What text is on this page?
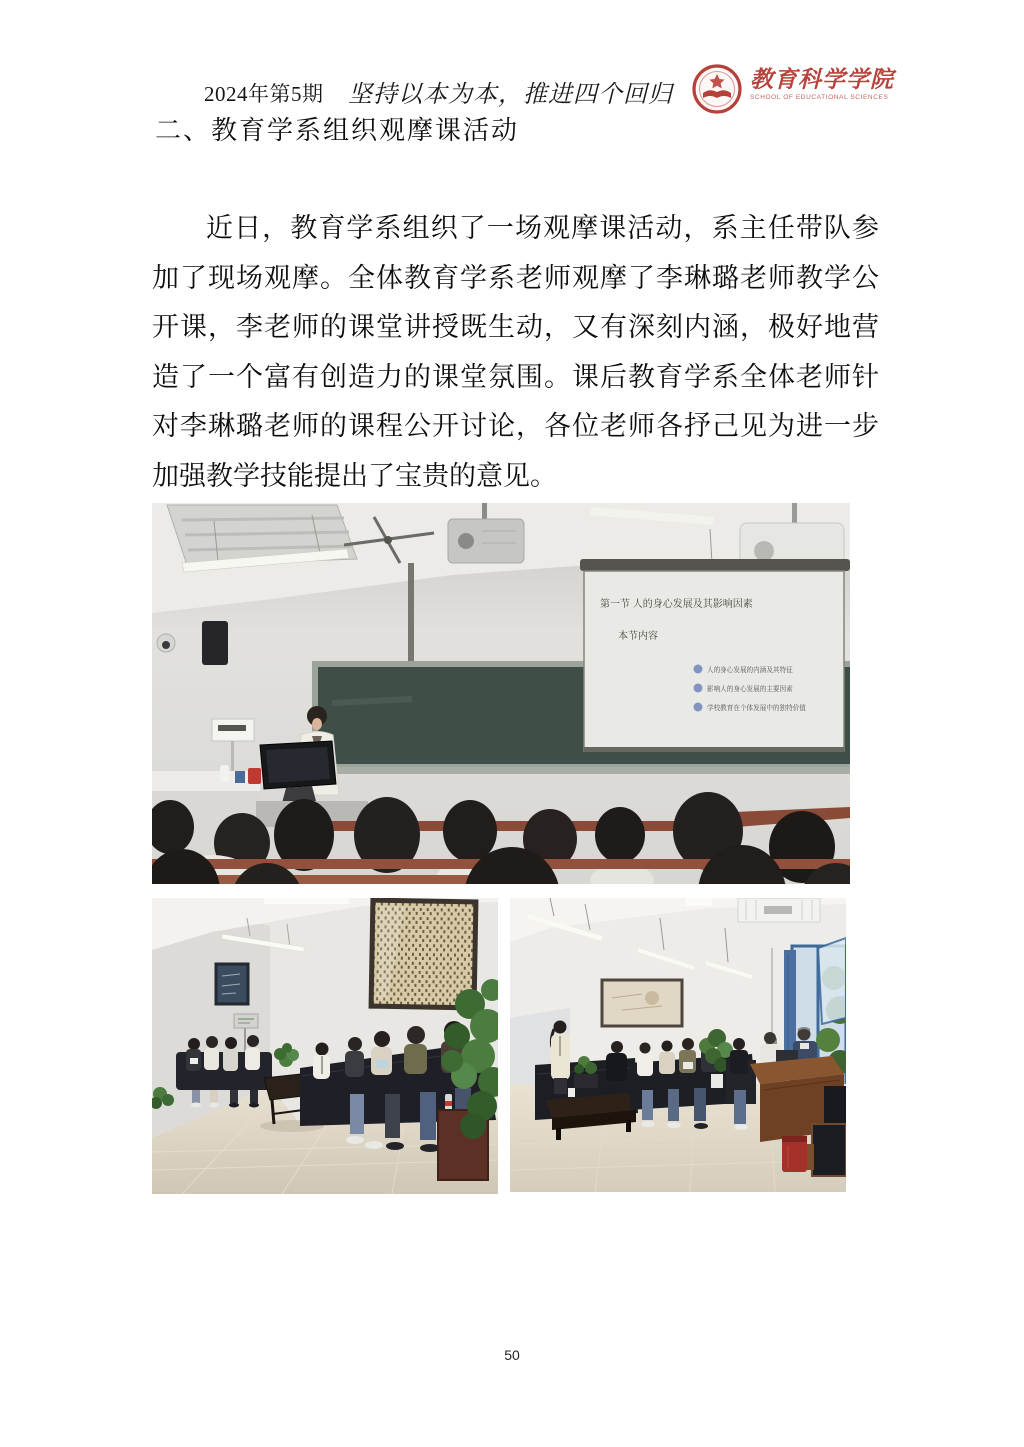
2024年第5期 坚持以本为本，推进四个回归
教育科学学院
SCHOOL OF EDUCATIONAL SCIENCES
二、教育学系组织观摩课活动

近日，教育学系组织了一场观摩课活动，系主任带队参加了现场观摩。全体教育学系老师观摩了李琳璐老师教学公开课，李老师的课堂讲授既生动，又有深刻内涵，极好地营造了一个富有创造力的课堂氛围。课后教育学系全体老师针对李琳璐老师的课程公开讨论，各位老师各抒己见为进一步加强教学技能提出了宝贵的意见。

第一节 人的身心发展及其影响因素
本节内容
人的身心发展的内涵及其特征
影响人的身心发展的主要因素
学校教育在个体发展中的独特价值
50
